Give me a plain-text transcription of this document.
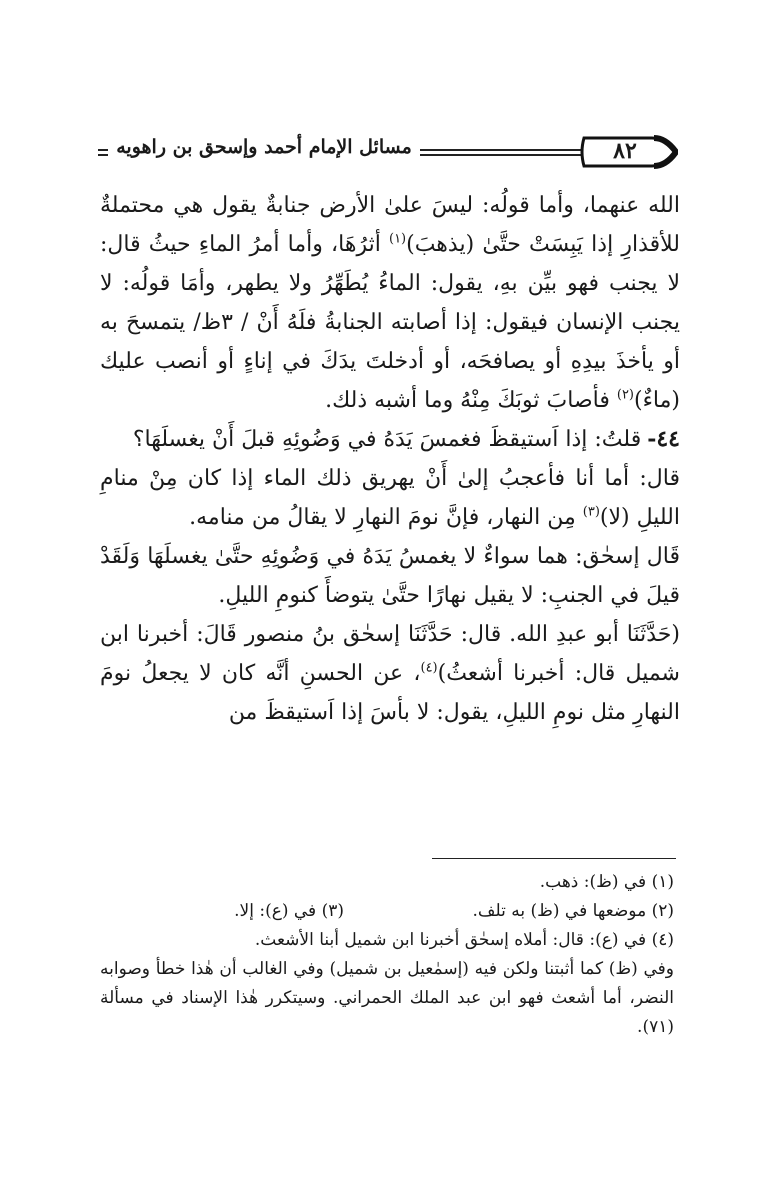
مسائل الإمام أحمد وإسحق بن راهويه	٨٢

الله عنهما، وأما قولُه: ليسَ علىٰ الأرض جنابةٌ يقول هي محتملةٌ للأقذارِ إذا يَبِسَتْ حتَّىٰ (يذهبَ)$^{(١)}$ أثرُهَا، وأما أمرُ الماءِ حيثُ قال: لا يجنب فهو بيِّن بهِ، يقول: الماءُ يُطَهِّرُ ولا يطهر، وأمَا قولُه: لا يجنب الإنسان فيقول: إذا أصابته الجنابةُ فلَهُ أَنْ / ٣ظ/ يتمسحَ به أو يأخذَ بيدِهِ أو يصافحَه، أو أدخلتَ يدَكَ في إناءٍ أو أنصب عليك (ماءٌ)$^{(٢)}$ فأصابَ ثوبَكَ مِنْهُ وما أشبه ذلك.

٤٤-قلتُ: إذا اَستيقظَ فغمسَ يَدَهُ في وَضُوئِهِ قبلَ أَنْ يغسلَهَا؟

قال: أما أنا فأعجبُ إلىٰ أَنْ يهريق ذلك الماء إذا كان مِنْ منامِ الليلِ (لا)$^{(٣)}$ مِن النهار، فإنَّ نومَ النهارِ لا يقالُ من منامه.

قَال إسحٰق: هما سواءٌ لا يغمسُ يَدَهُ في وَضُوئِهِ حتَّىٰ يغسلَهَا وَلَقَدْ قيلَ في الجنبِ: لا يقيل نهارًا حتَّىٰ يتوضأَ كنومِ الليلِ.

(حَدَّثَنَا أبو عبدِ الله. قال: حَدَّثَنَا إسحٰق بنُ منصور قَالَ: أخبرنا ابن شميل قال: أخبرنا أشعثُ)$^{(٤)}$، عن الحسنِ أنَّه كان لا يجعلُ نومَ النهارِ مثل نومِ الليلِ، يقول: لا بأسَ إذا اَستيقظَ من

(١) في (ظ): ذهب.

(٢) موضعها في (ظ) به تلف.
(٣) في (ع): إلا.

(٤) في (ع): قال: أملاه إسحٰق أخبرنا ابن شميل أبنا الأشعث.

وفي (ظ) كما أثبتنا ولكن فيه (إسمٰعيل بن شميل) وفي الغالب أن هٰذا خطأ وصوابه النضر، أما أشعث فهو ابن عبد الملك الحمراني. وسيتكرر هٰذا الإسناد في مسألة (٧١).
